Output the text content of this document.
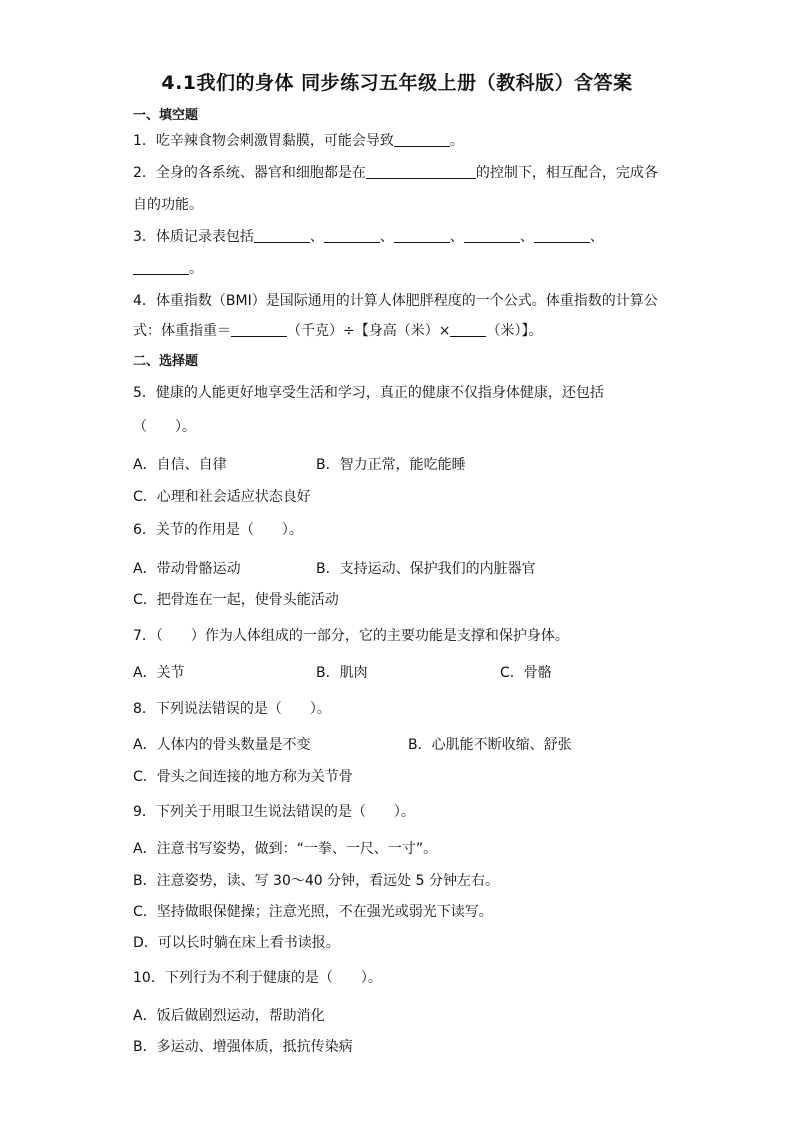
4.1我们的身体 同步练习五年级上册（教科版）含答案
一、填空题
1．吃辛辣食物会刺激胃黏膜，可能会导致	。
2．全身的各系统、器官和细胞都是在	的控制下，相互配合，完成各
自的功能。
3．体质记录表包括	、	、	、	、	、
。
4．体重指数（BMI）是国际通用的计算人体肥胖程度的一个公式。体重指数的计算公
式：体重指重＝	（千克）÷【身高（米）×	（米）】。
二、选择题
5．健康的人能更好地享受生活和学习，真正的健康不仅指身体健康，还包括
（　　）。
A．自信、自律	B．智力正常，能吃能睡
C．心理和社会适应状态良好
6．关节的作用是（　　）。
A．带动骨骼运动	B．支持运动、保护我们的内脏器官
C．把骨连在一起，使骨头能活动
7．（　　）作为人体组成的一部分，它的主要功能是支撑和保护身体。
A．关节	B．肌肉	C．骨骼
8．下列说法错误的是（　　）。
A．人体内的骨头数量是不变	B．心肌能不断收缩、舒张
C．骨头之间连接的地方称为关节骨
9．下列关于用眼卫生说法错误的是（　　）。
A．注意书写姿势，做到：“一拳、一尺、一寸”。
B．注意姿势，读、写 30～40 分钟，看远处 5 分钟左右。
C．坚持做眼保健操；注意光照，不在强光或弱光下读写。
D．可以长时躺在床上看书读报。
10．下列行为不利于健康的是（　　）。
A．饭后做剧烈运动，帮助消化
B．多运动、增强体质，抵抗传染病
